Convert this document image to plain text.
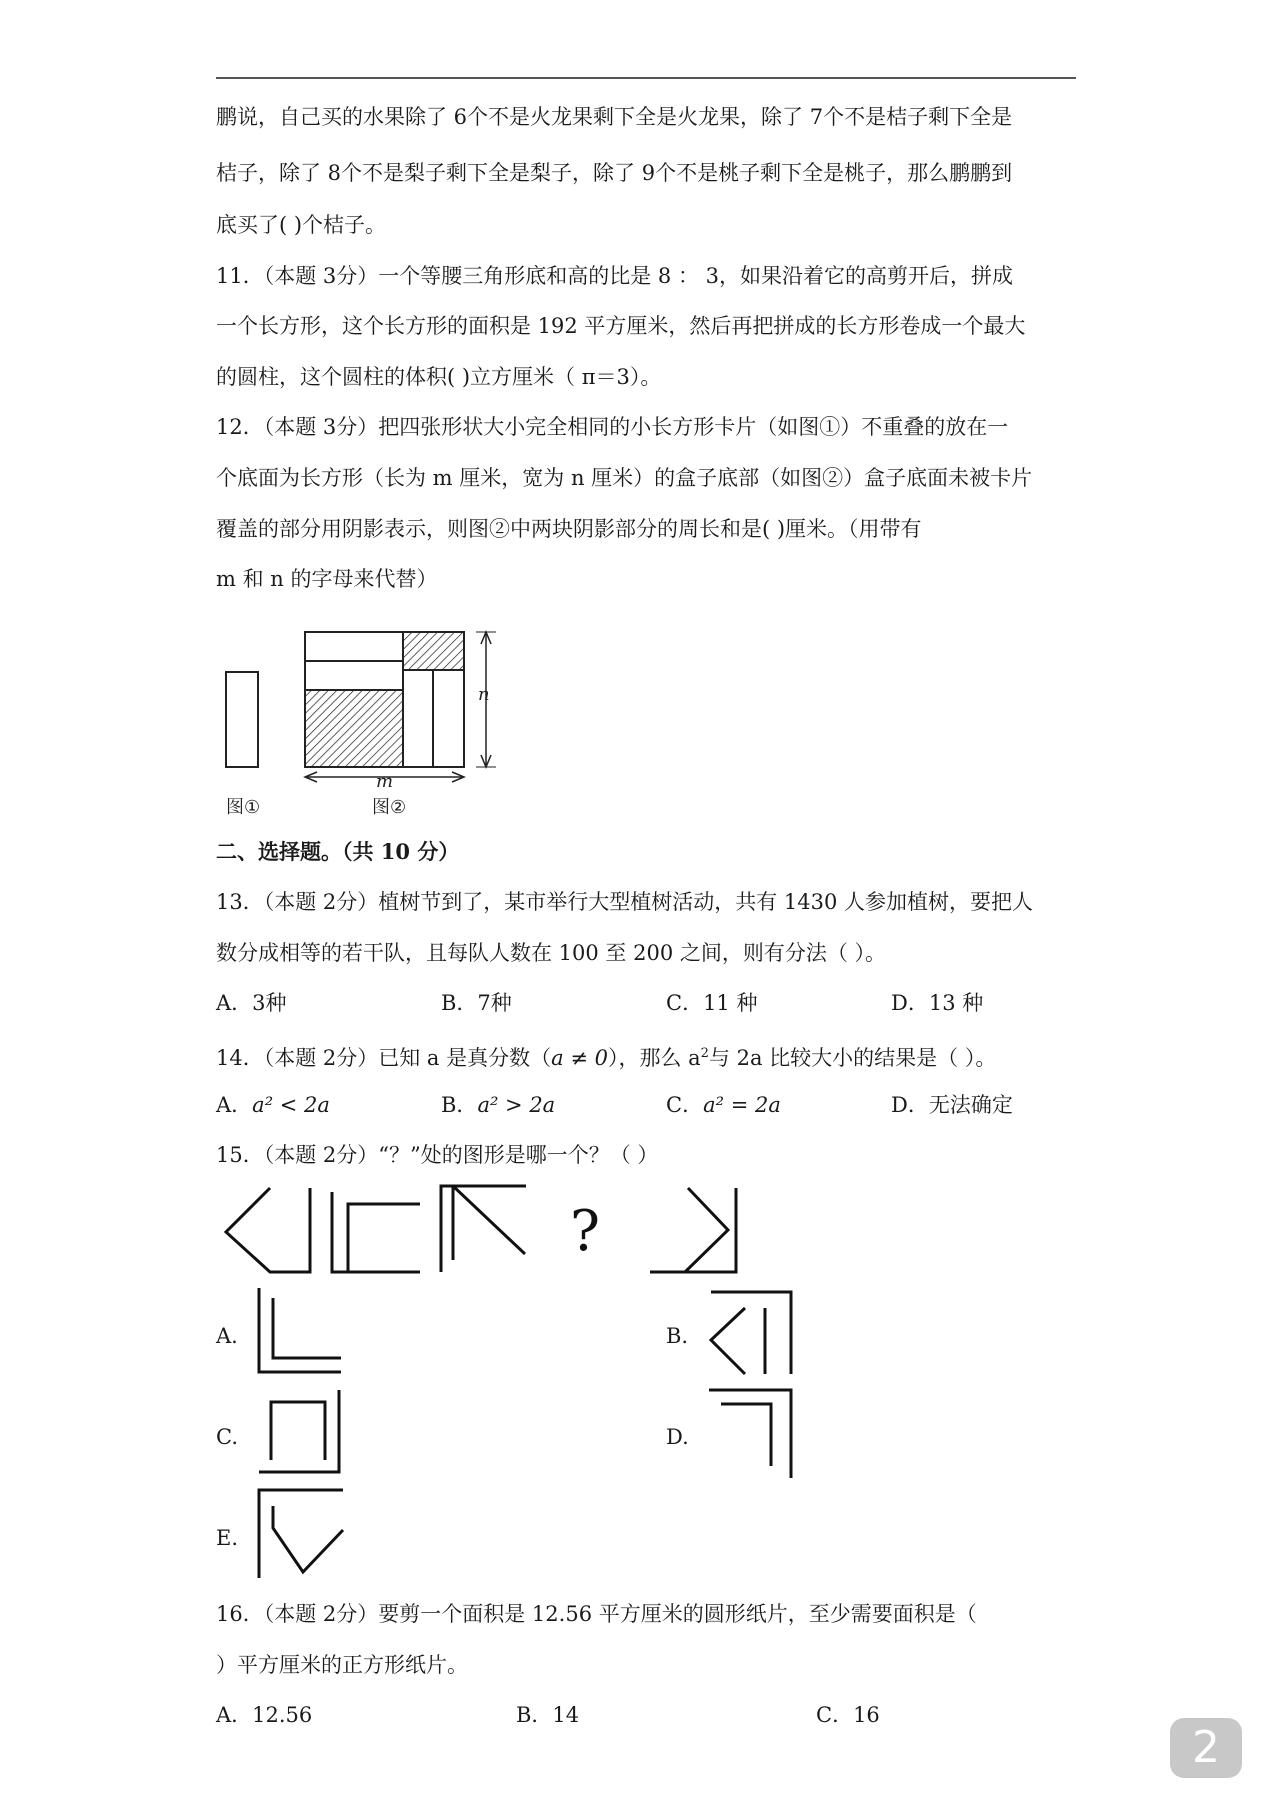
鹏说，自己买的水果除了 6个不是火龙果剩下全是火龙果，除了 7个不是桔子剩下全是
桔子，除了 8个不是梨子剩下全是梨子，除了 9个不是桃子剩下全是桃子，那么鹏鹏到
底买了( )个桔子。
11．（本题 3分）一个等腰三角形底和高的比是 8 ： 3，如果沿着它的高剪开后，拼成
一个长方形，这个长方形的面积是 192 平方厘米，然后再把拼成的长方形卷成一个最大
的圆柱，这个圆柱的体积( )立方厘米（ π＝3）。
12．（本题 3分）把四张形状大小完全相同的小长方形卡片（如图①）不重叠的放在一
个底面为长方形（长为 m 厘米，宽为 n 厘米）的盒子底部（如图②）盒子底面未被卡片
覆盖的部分用阴影表示，则图②中两块阴影部分的周长和是( )厘米。（用带有
m 和 n 的字母来代替）
n
m
图①	图②
二、选择题。（共 10 分）
13．（本题 2分）植树节到了，某市举行大型植树活动，共有 1430 人参加植树，要把人
数分成相等的若干队，且每队人数在 100 至 200 之间，则有分法（ ）。
A．3种	B．7种	C．11 种	D．13 种
14．（本题 2分）已知 a 是真分数（a ≠ 0），那么 $a^2$与 2a 比较大小的结果是（ ）。
A．a² < 2a	B．a² > 2a	C．a² = 2a	D．无法确定
15．（本题 2分）“？”处的图形是哪一个？（ ）
?
A.	B.
C.	D.
E.
16．（本题 2分）要剪一个面积是 12.56 平方厘米的圆形纸片，至少需要面积是（
）平方厘米的正方形纸片。
A．12.56	B．14	C．16
2
